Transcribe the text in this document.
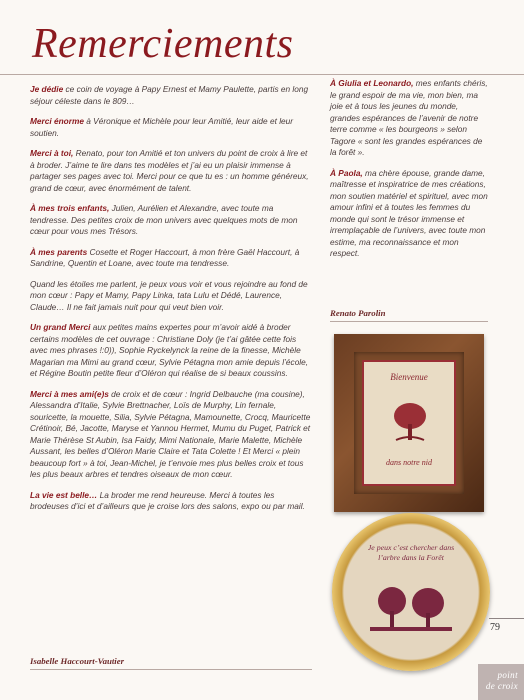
Remerciements

Je dédie ce coin de voyage à Papy Ernest et Mamy Paulette, partis en long séjour céleste dans le 809…

Merci énorme à Véronique et Michèle pour leur Amitié, leur aide et leur soutien.

Merci à toi, Renato, pour ton Amitié et ton univers du point de croix à lire et à broder. J’aime te lire dans tes modèles et j’ai eu un plaisir immense à partager ses pages avec toi. Merci pour ce que tu es : un homme généreux, grand de cœur, avec énormément de talent.

À mes trois enfants, Julien, Aurélien et Alexandre, avec toute ma tendresse. Des petites croix de mon univers avec quelques mots de mon cœur pour vous mes Trésors.

À mes parents Cosette et Roger Haccourt, à mon frère Gaël Haccourt, à Sandrine, Quentin et Loane, avec toute ma tendresse.

Quand les étoiles me parlent, je peux vous voir et vous rejoindre au fond de mon cœur : Papy et Mamy, Papy Linka, tata Lulu et Dédé, Laurence, Claude… Il ne fait jamais nuit pour qui veut bien voir.

Un grand Merci aux petites mains expertes pour m’avoir aidé à broder certains modèles de cet ouvrage : Christiane Doly (je t’ai gâtée cette fois avec mes phrases !:0)), Sophie Ryckelynck la reine de la finesse, Michèle Magarian ma Mimi au grand cœur, Sylvie Pétagna mon amie depuis l’école, et Régine Boutin petite fleur d’Oléron qui réalise de si beaux coussins.

Merci à mes ami(e)s de croix et de cœur : Ingrid Delbauche (ma cousine), Alessandra d’Italie, Sylvie Brettnacher, Loïs de Murphy, Lin fernale, souricette, la mouette, Silia, Sylvie Pétagna, Mamounette, Crocq, Mauricette Crétinoir, Bé, Jacotte, Maryse et Yannou Hermet, Mumu du Puget, Patrick et Marie Thérèse St Aubin, Isa Faidy, Mimi Nationale, Marie Malette, Michèle Aussant, les belles d’Oléron Marie Claire et Tata Colette ! Et Merci « plein beaucoup fort » à toi, Jean-Michel, je t’envoie mes plus belles croix et tous les plus beaux arbres et tendres oiseaux de mon cœur.

La vie est belle… La broder me rend heureuse. Merci à toutes les brodeuses d’ici et d’ailleurs que je croise lors des salons, expo ou par mail.

Isabelle Haccourt-Vautier

À Giulia et Leonardo, mes enfants chéris, le grand espoir de ma vie, mon bien, ma joie et à tous les jeunes du monde, grandes espérances de l’avenir de notre terre comme « les bourgeons » selon Tagore « sont les grandes espérances de la forêt ».

À Paola, ma chère épouse, grande dame, maîtresse et inspiratrice de mes créations, mon soutien matériel et spirituel, avec mon amour infini et à toutes les femmes du monde qui sont le trésor immense et irremplaçable de l’univers, avec toute mon estime, ma reconnaissance et mon respect.

Renato Parolin
Bienvenue
dans notre nid
Je peux c’est chercher dans l’arbre dans la Forêt
79
point
de croix
